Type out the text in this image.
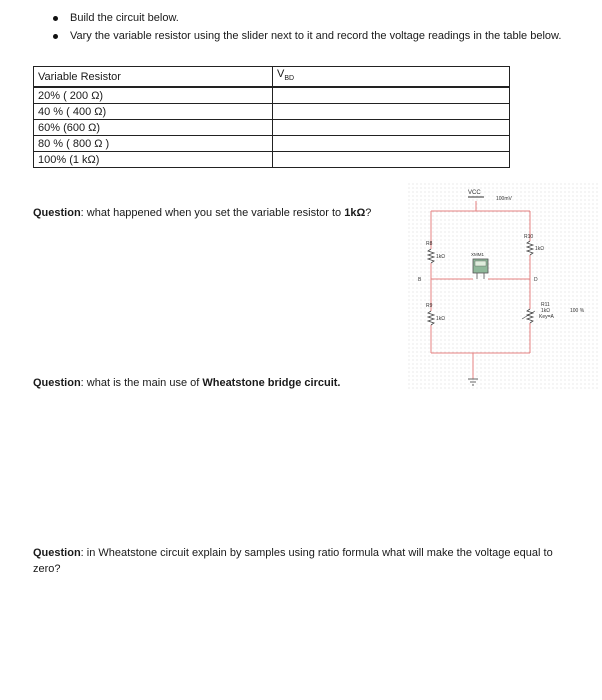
Build the circuit below.
Vary the variable resistor using the slider next to it and record the voltage readings in the table below.
Variable Resistor	$V_{BD}$
20% ( 200 Ω)	
40 % ( 400 Ω)	
60% (600 Ω)	
80 % ( 800 Ω )	
100% (1 kΩ)	
Question: what happened when you set the variable resistor to 1kΩ?
Question: what is the main use of Wheatstone bridge circuit.
Question: in Wheatstone circuit explain by samples using ratio formula what will make the voltage equal to zero?
VCC
100mV
R8
1kΩ
R9
1kΩ
R10
1kΩ
R11
1kΩ
Key=A
100 %
B	D
XMM1
